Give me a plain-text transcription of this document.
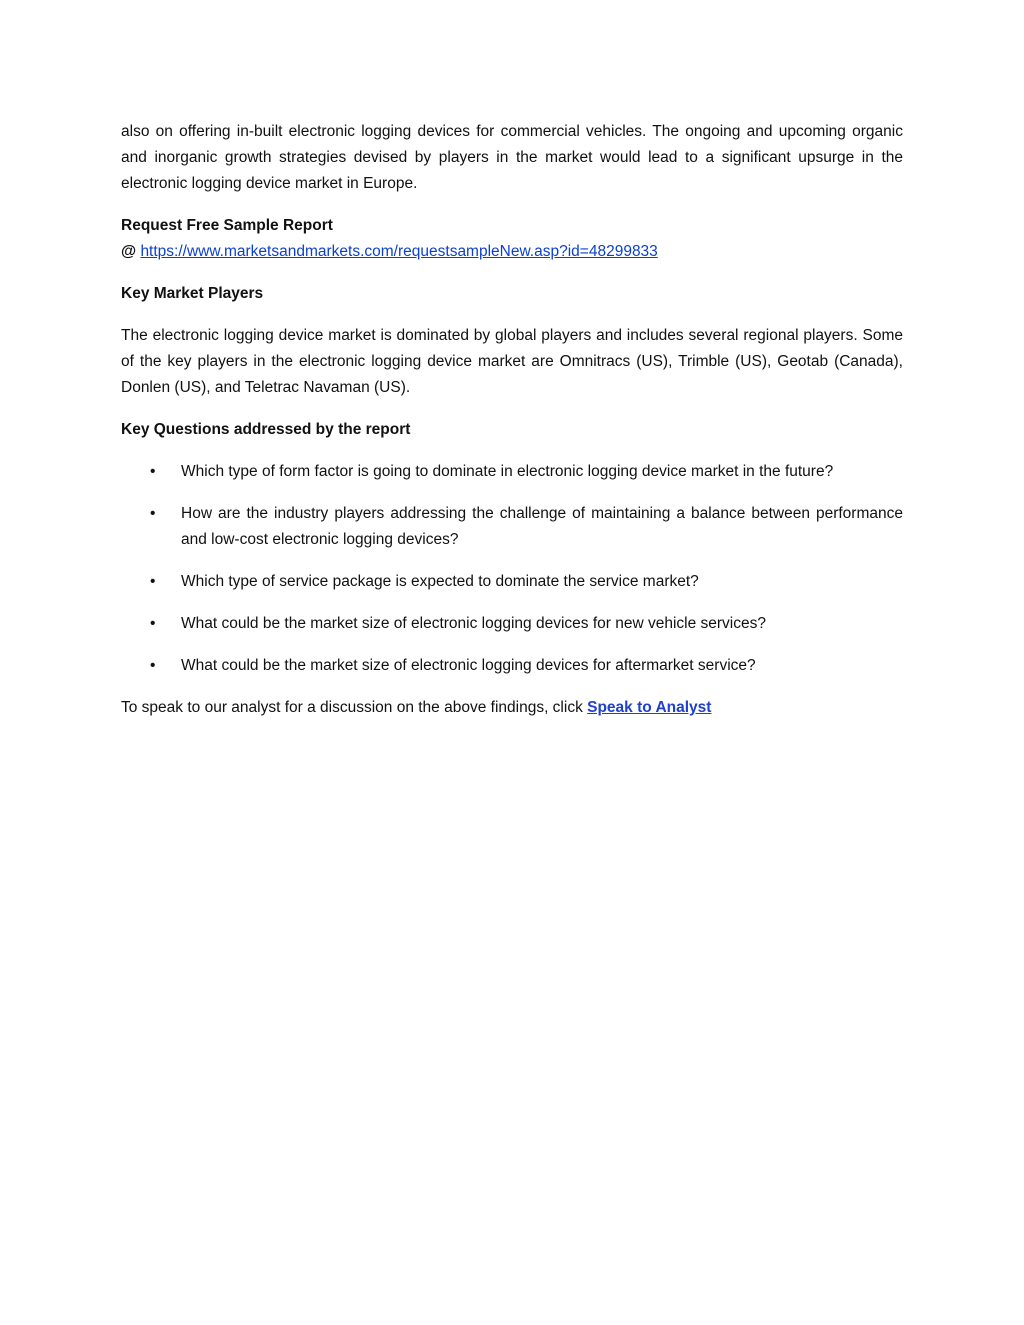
also on offering in-built electronic logging devices for commercial vehicles. The ongoing and upcoming organic and inorganic growth strategies devised by players in the market would lead to a significant upsurge in the electronic logging device market in Europe.

Request Free Sample Report

@ https://www.marketsandmarkets.com/requestsampleNew.asp?id=48299833

Key Market Players

The electronic logging device market is dominated by global players and includes several regional players. Some of the key players in the electronic logging device market are Omnitracs (US), Trimble (US), Geotab (Canada), Donlen (US), and Teletrac Navaman (US).

Key Questions addressed by the report

• Which type of form factor is going to dominate in electronic logging device market in the future?
• How are the industry players addressing the challenge of maintaining a balance between performance and low-cost electronic logging devices?
• Which type of service package is expected to dominate the service market?
• What could be the market size of electronic logging devices for new vehicle services?
• What could be the market size of electronic logging devices for aftermarket service?

To speak to our analyst for a discussion on the above findings, click Speak to Analyst
